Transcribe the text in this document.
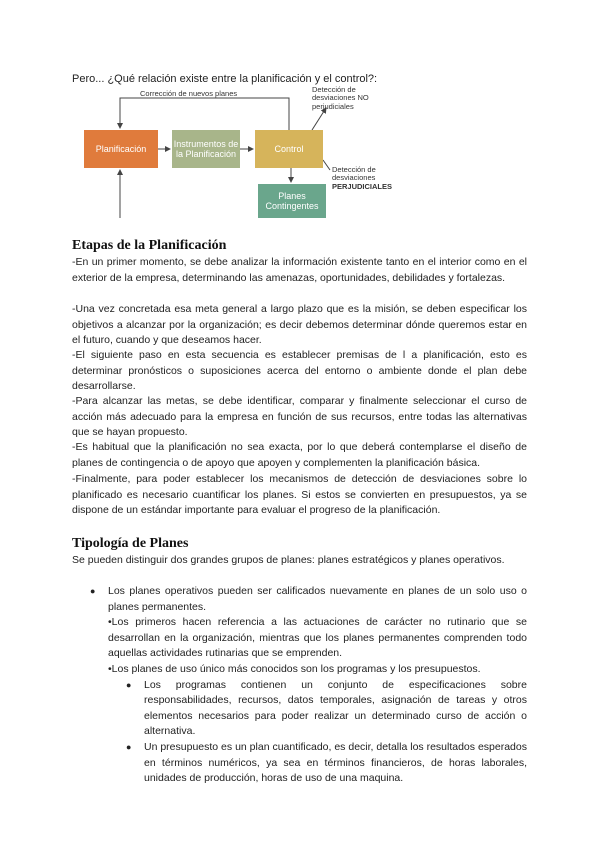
Pero... ¿Qué relación existe entre la planificación y el control?:
Corrección de nuevos planes	Detección de
desviaciones NO
perjudiciales
Detección de
desviaciones
PERJUDICIALES
Planificación
Instrumentos de la Planificación
Control
Planes Contingentes
Etapas de la Planificación

-En un primer momento, se debe analizar la información existente tanto en el interior como en el exterior de la empresa, determinando las amenazas, oportunidades, debilidades y fortalezas.

-Una vez concretada esa meta general a largo plazo que es la misión, se deben especificar los objetivos a alcanzar por la organización; es decir debemos determinar dónde queremos estar en el futuro, cuando y que deseamos hacer.

-El siguiente paso en esta secuencia es establecer premisas de l a planificación, esto es determinar pronósticos o suposiciones acerca del entorno o ambiente donde el plan debe desarrollarse.

-Para alcanzar las metas, se debe identificar, comparar y finalmente seleccionar el curso de acción más adecuado para la empresa en función de sus recursos, entre todas las alternativas que se hayan propuesto.

-Es habitual que la planificación no sea exacta, por lo que deberá contemplarse el diseño de planes de contingencia o de apoyo que apoyen y complementen la planificación básica.

-Finalmente, para poder establecer los mecanismos de detección de desviaciones sobre lo planificado es necesario cuantificar los planes. Si estos se convierten en presupuestos, ya se dispone de un estándar importante para evaluar el progreso de la planificación.

Tipología de Planes

Se pueden distinguir dos grandes grupos de planes: planes estratégicos y planes operativos.

● Los planes operativos pueden ser calificados nuevamente en planes de un solo uso o planes permanentes.

•Los primeros hacen referencia a las actuaciones de carácter no rutinario que se desarrollan en la organización, mientras que los planes permanentes comprenden todo aquellas actividades rutinarias que se emprenden.

•Los planes de uso único más conocidos son los programas y los presupuestos.

● Los programas contienen un conjunto de especificaciones sobre responsabilidades, recursos, datos temporales, asignación de tareas y otros elementos necesarios para poder realizar un determinado curso de acción o alternativa.
● Un presupuesto es un plan cuantificado, es decir, detalla los resultados esperados en términos numéricos, ya sea en términos financieros, de horas laborales, unidades de producción, horas de uso de una maquina.
